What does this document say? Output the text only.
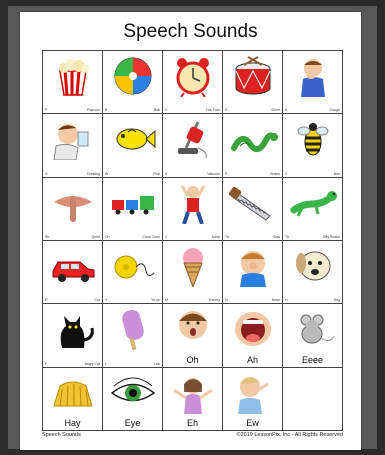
Speech Sounds
P	Popcorn B	Ball C	Tick Tock D	Drum K	Cough
G	Drinking W	Fish V	Vacuum S	Snake Z	Bee
Sh	Quiet Ch	Choo Choo J	Jump Th	Saw Th	Silly Snake
R	Car Y	Yo-yo M	Yummy N	Nose H	Dog
F	Angry Cat L	Lick	Oh	Ah	Eeee
Hay	Eye	Eh	Ew
Speech Sounds	©2019 LessonPix, Inc - All Rights Reserved
